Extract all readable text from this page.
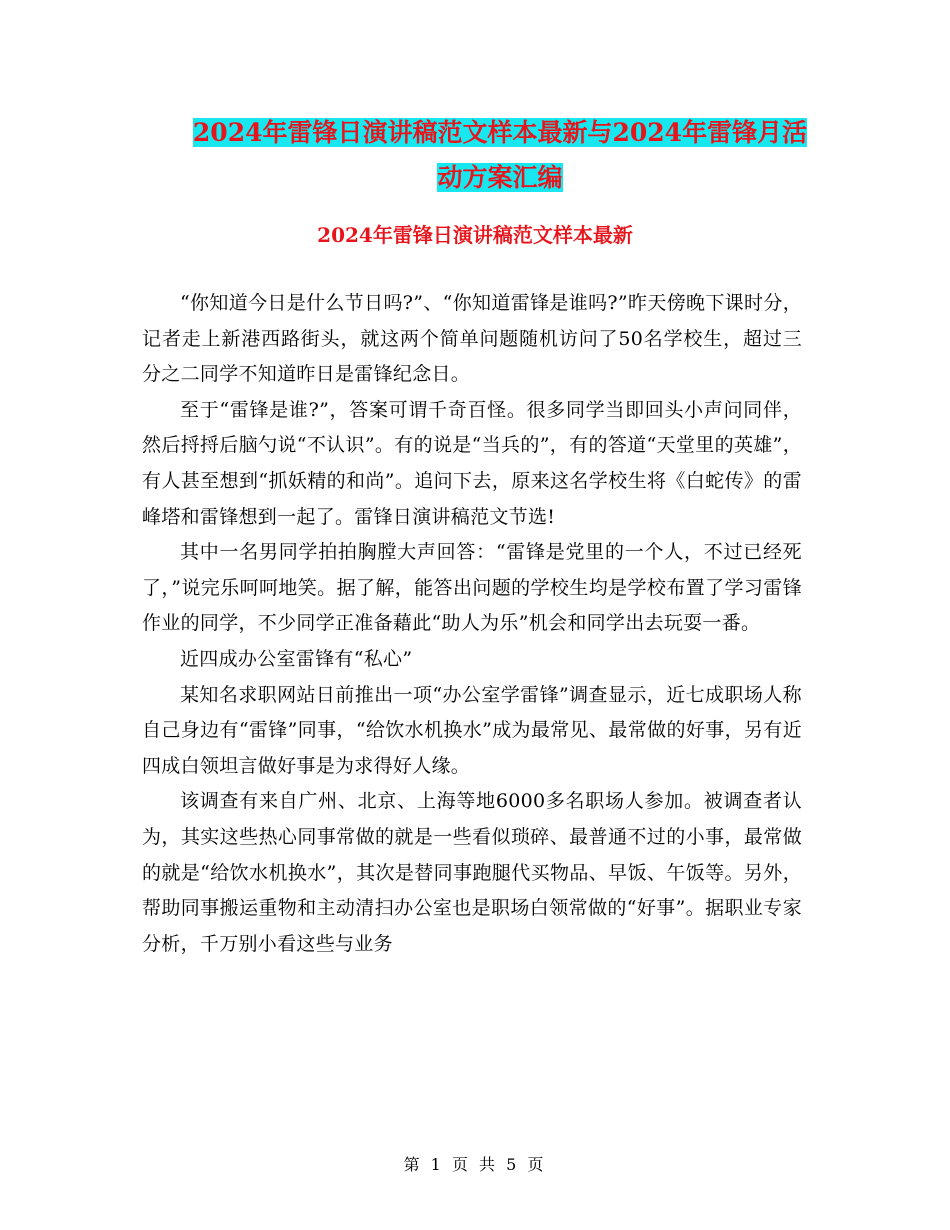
2024年雷锋日演讲稿范文样本最新与2024年雷锋月活
动方案汇编
2024年雷锋日演讲稿范文样本最新

“你知道今日是什么节日吗?”、“你知道雷锋是谁吗?”昨天傍晚下课时分，记者走上新港西路街头，就这两个简单问题随机访问了50名学校生，超过三分之二同学不知道昨日是雷锋纪念日。

至于“雷锋是谁?”，答案可谓千奇百怪。很多同学当即回头小声问同伴，然后捋捋后脑勺说“不认识”。有的说是“当兵的”，有的答道“天堂里的英雄”，有人甚至想到“抓妖精的和尚”。追问下去，原来这名学校生将《白蛇传》的雷峰塔和雷锋想到一起了。雷锋日演讲稿范文节选!

其中一名男同学拍拍胸膛大声回答：“雷锋是党里的一个人，不过已经死了，”说完乐呵呵地笑。据了解，能答出问题的学校生均是学校布置了学习雷锋作业的同学，不少同学正准备藉此“助人为乐”机会和同学出去玩耍一番。

近四成办公室雷锋有“私心”

某知名求职网站日前推出一项“办公室学雷锋”调查显示，近七成职场人称自己身边有“雷锋”同事，“给饮水机换水”成为最常见、最常做的好事，另有近四成白领坦言做好事是为求得好人缘。

该调查有来自广州、北京、上海等地6000多名职场人参加。被调查者认为，其实这些热心同事常做的就是一些看似琐碎、最普通不过的小事，最常做的就是“给饮水机换水”，其次是替同事跑腿代买物品、早饭、午饭等。另外，帮助同事搬运重物和主动清扫办公室也是职场白领常做的“好事”。据职业专家分析，千万别小看这些与业务

第 1 页 共 5 页
